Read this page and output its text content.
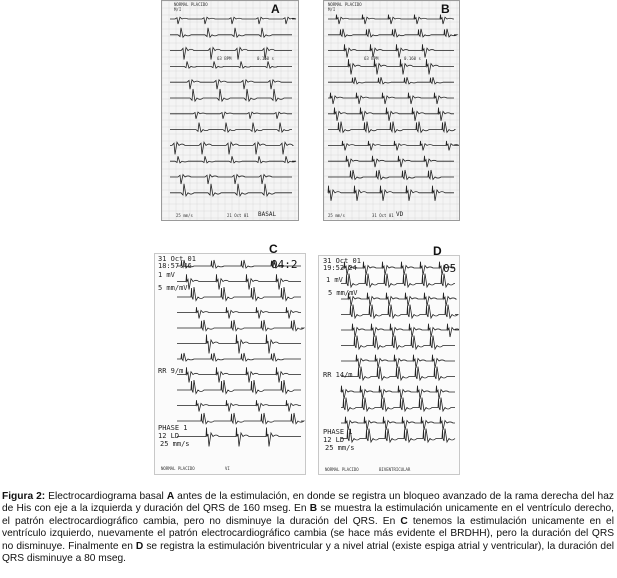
NORMAL PLACIDO
M/I
63 BPM	0.160 s
25 mm/s	21 Oct 01 BASAL
A	NORMAL PLACIDO
M/I
63 BPM	0.160 s
25 mm/s	31 Oct 01 VD
B
31 Oct 01
18:57:46	04:2
1 mV
5 mm/mV
RR 9/m
PHASE 1
12 LD
25 mm/s
NORMAL PLACIDO	VI
C
31 Oct 01
19:52:24	05
1 mV
5 mm/mV
RR 14/m
PHASE 1
12 LD
25 mm/s
NORMAL PLACIDO	BIVENTRICULAR
D
Figura 2: Electrocardiograma basal A antes de la estimulación, en donde se registra un bloqueo avanzado de la rama derecha del haz de His con eje a la izquierda y duración del QRS de 160 mseg. En B se muestra la estimulación unicamente en el ventrículo derecho, el patrón electrocardiográfico cambia, pero no disminuye la duración del QRS. En C tenemos la estimulación unicamente en el ventrículo izquierdo, nuevamente el patrón electrocardiográfico cambia (se hace más evidente el BRDHH), pero la duración del QRS no disminuye. Finalmente en D se registra la estimulación biventricular y a nivel atrial (existe espiga atrial y ventricular), la duración del QRS disminuye a 80 mseg.
